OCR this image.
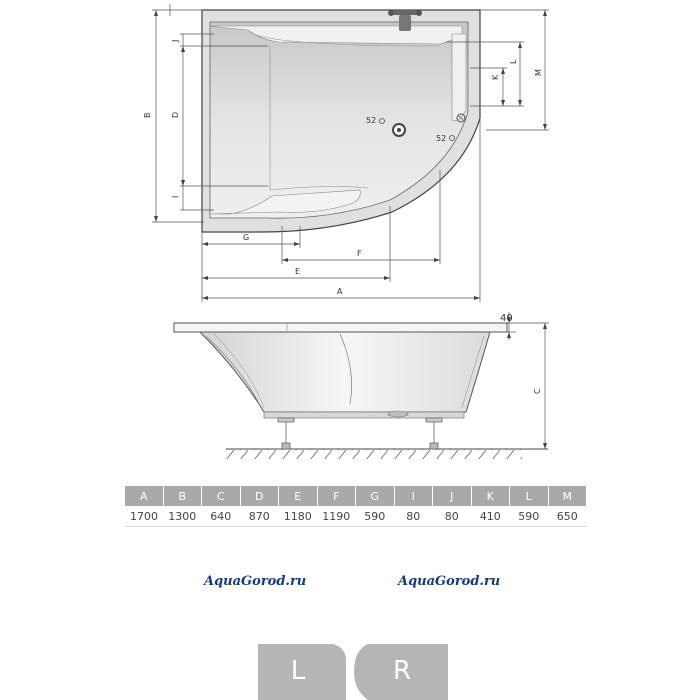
52
52
A
B D
E
F
G
I
J
K
L
M
40
C
A	B	C	D	E	F	G	I	J	K	L	M
1700	1300	640	870	1180	1190	590	80	80	410	590	650
AquaGorod.ru	AquaGorod.ru
L	R
